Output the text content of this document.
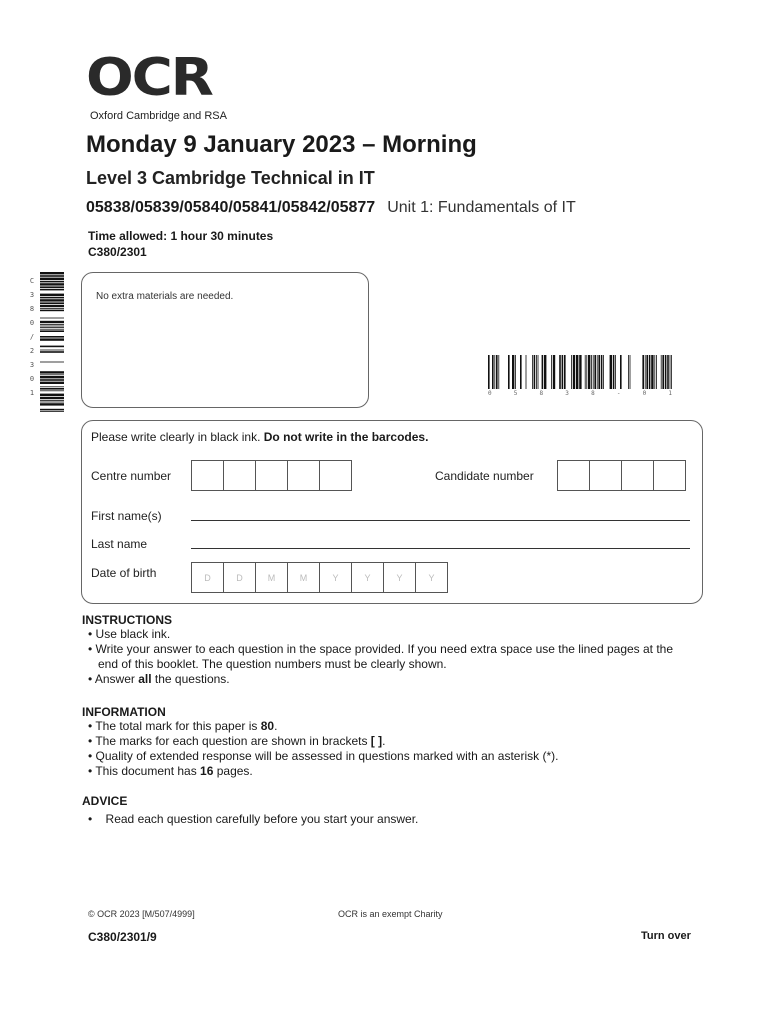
OCR
Oxford Cambridge and RSA
Monday 9 January 2023 – Morning
Level 3 Cambridge Technical in IT
05838/05839/05840/05841/05842/05877 Unit 1: Fundamentals of IT
Time allowed: 1 hour 30 minutes
C380/2301
C
3
8
0
/
2
3
0
1
No extra materials are needed.
0	5	8	3	8	-	0	1
Please write clearly in black ink. Do not write in the barcodes.
Centre number	Candidate number
First name(s)
Last name
Date of birth	D	D	M	M	Y	Y	Y	Y
INSTRUCTIONS
• Use black ink.
• Write your answer to each question in the space provided. If you need extra space use the lined pages at the end of this booklet. The question numbers must be clearly shown.
• Answer all the questions.
INFORMATION
• The total mark for this paper is 80.
• The marks for each question are shown in brackets [ ].
• Quality of extended response will be assessed in questions marked with an asterisk (*).
• This document has 16 pages.
ADVICE
•    Read each question carefully before you start your answer.
© OCR 2023 [M/507/4999]	OCR is an exempt Charity
C380/2301/9	Turn over
